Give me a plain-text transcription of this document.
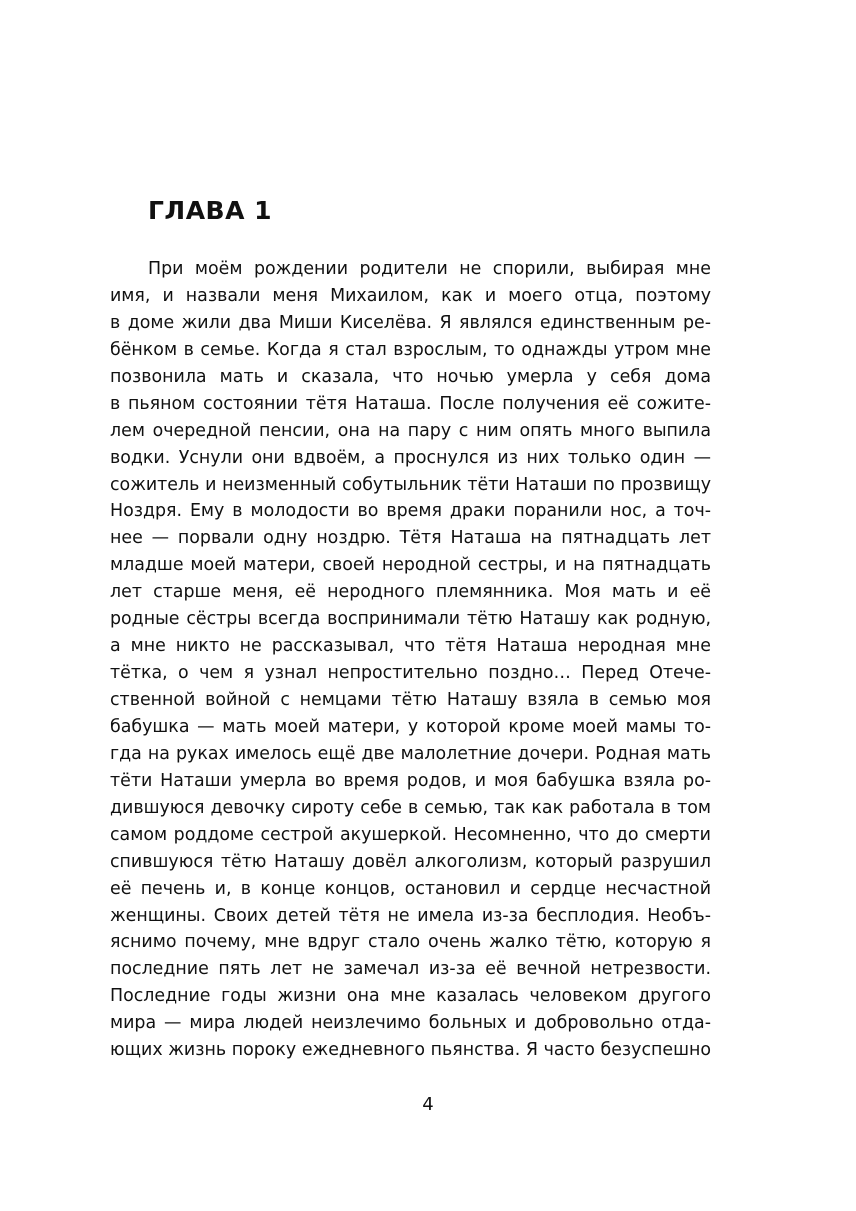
ГЛАВА 1
При моём рождении родители не спорили, выбирая мне
имя, и назвали меня Михаилом, как и моего отца, поэтому
в доме жили два Миши Киселёва. Я являлся единственным ре-
бёнком в семье. Когда я стал взрослым, то однажды утром мне
позвонила мать и сказала, что ночью умерла у себя дома
в пьяном состоянии тётя Наташа. После получения её сожите-
лем очередной пенсии, она на пару с ним опять много выпила
водки. Уснули они вдвоём, а проснулся из них только один —
сожитель и неизменный собутыльник тёти Наташи по прозвищу
Ноздря. Ему в молодости во время драки поранили нос, а точ-
нее — порвали одну ноздрю. Тётя Наташа на пятнадцать лет
младше моей матери, своей неродной сестры, и на пятнадцать
лет старше меня, её неродного племянника. Моя мать и её
родные сёстры всегда воспринимали тётю Наташу как родную,
а мне никто не рассказывал, что тётя Наташа неродная мне
тётка, о чем я узнал непростительно поздно… Перед Отече-
ственной войной с немцами тётю Наташу взяла в семью моя
бабушка — мать моей матери, у которой кроме моей мамы то-
гда на руках имелось ещё две малолетние дочери. Родная мать
тёти Наташи умерла во время родов, и моя бабушка взяла ро-
дившуюся девочку сироту себе в семью, так как работала в том
самом роддоме сестрой акушеркой. Несомненно, что до смерти
спившуюся тётю Наташу довёл алкоголизм, который разрушил
её печень и, в конце концов, остановил и сердце несчастной
женщины. Своих детей тётя не имела из-за бесплодия. Необъ-
яснимо почему, мне вдруг стало очень жалко тётю, которую я
последние пять лет не замечал из-за её вечной нетрезвости.
Последние годы жизни она мне казалась человеком другого
мира — мира людей неизлечимо больных и добровольно отда-
ющих жизнь пороку ежедневного пьянства. Я часто безуспешно
4
